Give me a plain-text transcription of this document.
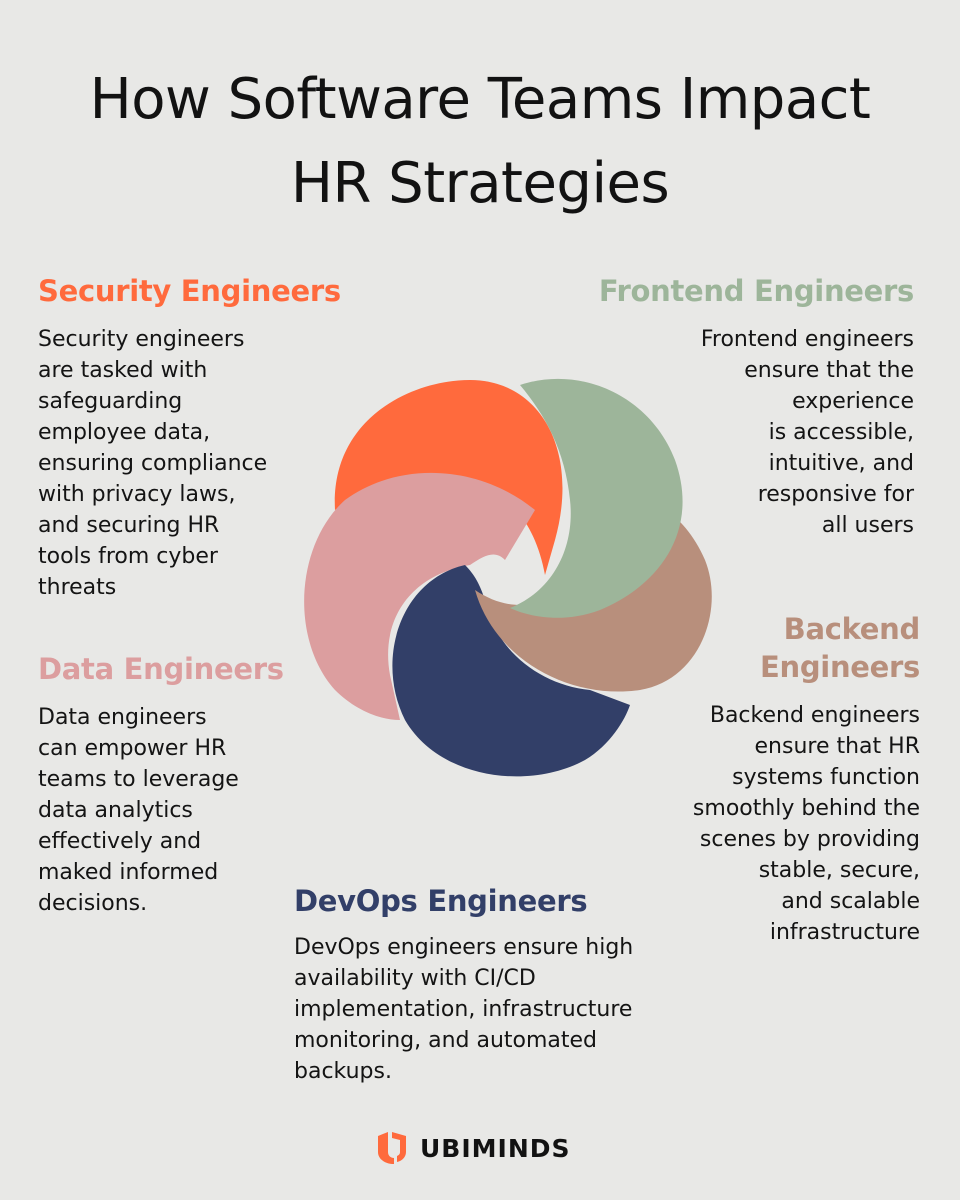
How Software Teams Impact
HR Strategies
Security Engineers

Security engineers
are tasked with
safeguarding
employee data,
ensuring compliance
with privacy laws,
and securing HR
tools from cyber
threats

Frontend Engineers

Frontend engineers
ensure that the
experience
is accessible,
intuitive, and
responsive for
all users

Data Engineers

Data engineers
can empower HR
teams to leverage
data analytics
effectively and
maked informed
decisions.

Backend
Engineers

Backend engineers
ensure that HR
systems function
smoothly behind the
scenes by providing
stable, secure,
and scalable
infrastructure

DevOps Engineers

DevOps engineers ensure high
availability with CI/CD
implementation, infrastructure
monitoring, and automated
backups.

UBIMINDS
